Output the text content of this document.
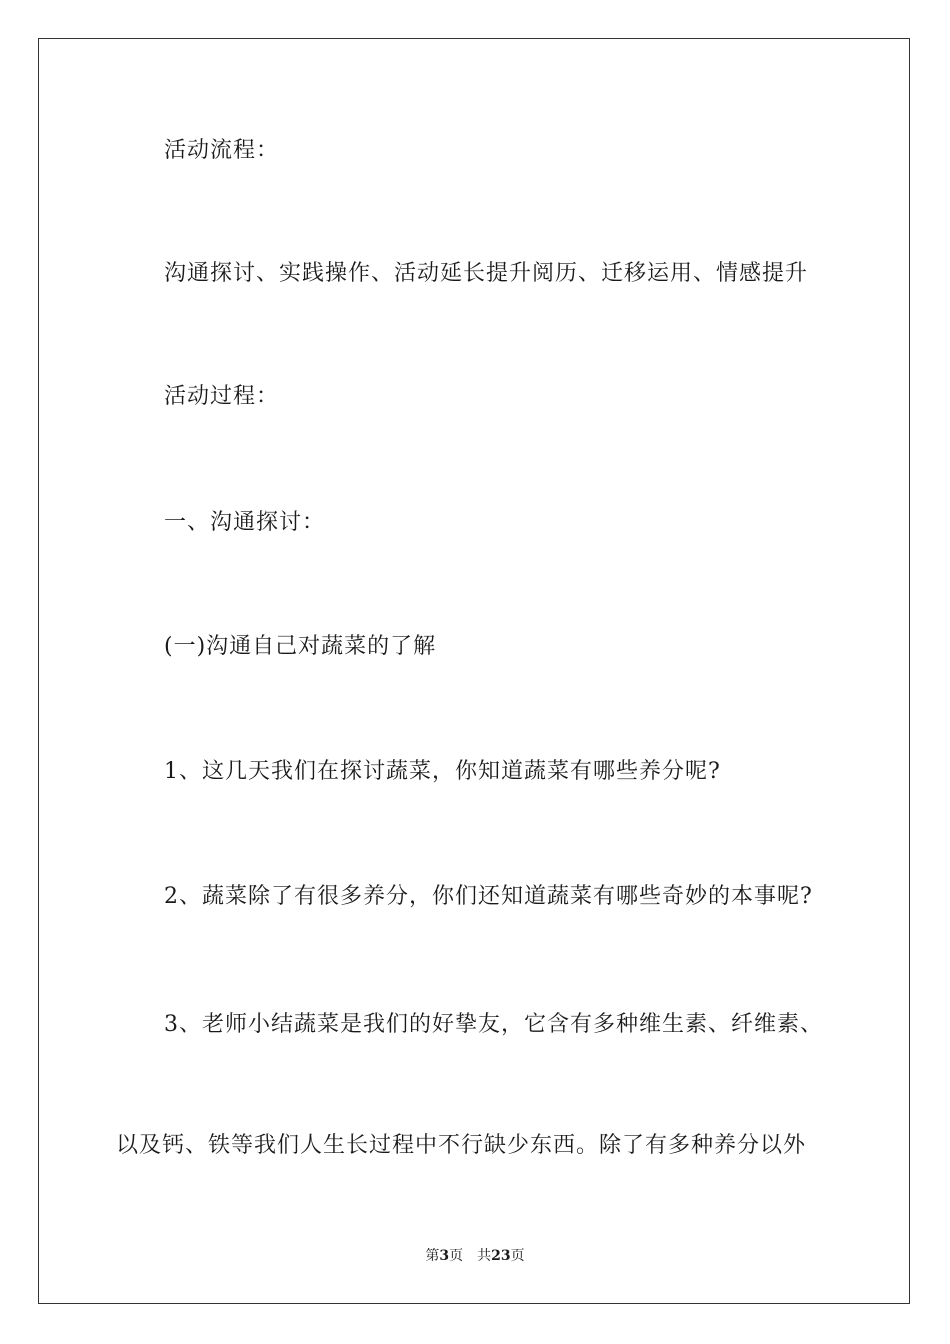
活动流程：
沟通探讨、实践操作、活动延长提升阅历、迁移运用、情感提升
活动过程：
一、沟通探讨：
(一)沟通自己对蔬菜的了解
1、这几天我们在探讨蔬菜，你知道蔬菜有哪些养分呢?
2、蔬菜除了有很多养分，你们还知道蔬菜有哪些奇妙的本事呢?
3、老师小结蔬菜是我们的好挚友，它含有多种维生素、纤维素、
以及钙、铁等我们人生长过程中不行缺少东西。除了有多种养分以外
第3页 共23页
